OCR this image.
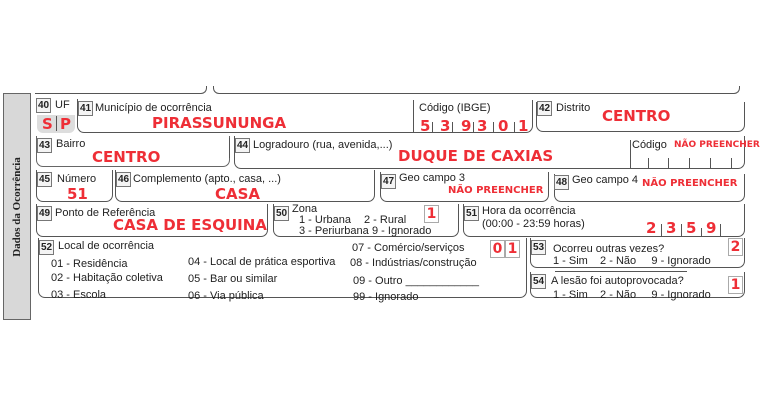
Dados da Ocorrência
40 UF
S P
41 Município de ocorrência
PIRASSUNUNGA
Código (IBGE)
5 3 9 3 0 1
42 Distrito CENTRO
43 Bairro
CENTRO
44 Logradouro (rua, avenida,...)
DUQUE DE CAXIAS
Código NÃO PREENCHER
45 Número
51
46 Complemento (apto., casa, ...)
CASA
47 Geo campo 3
NÃO PREENCHER
48 Geo campo 4 NÃO PREENCHER
49 Ponto de Referência
CASA DE ESQUINA
50 Zona
1 - Urbana 2 - Rural
3 - Periurbana 9 - Ignorado
1	51 Hora da ocorrência
(00:00 - 23:59 horas)	2 3 5 9
52 Local de ocorrência
01 - Residência
02 - Habitação coletiva
03 - Escola
04 - Local de prática esportiva
05 - Bar ou similar
06 - Via pública
07 - Comércio/serviços
08 - Indústrias/construção
09 - Outro ____________
99 - Ignorado
0 1 53 Ocorreu outras vezes?
1 - Sim    2 - Não     9 - Ignorado
2
54 A lesão foi autoprovocada?
1 - Sim    2 - Não     9 - Ignorado
1
